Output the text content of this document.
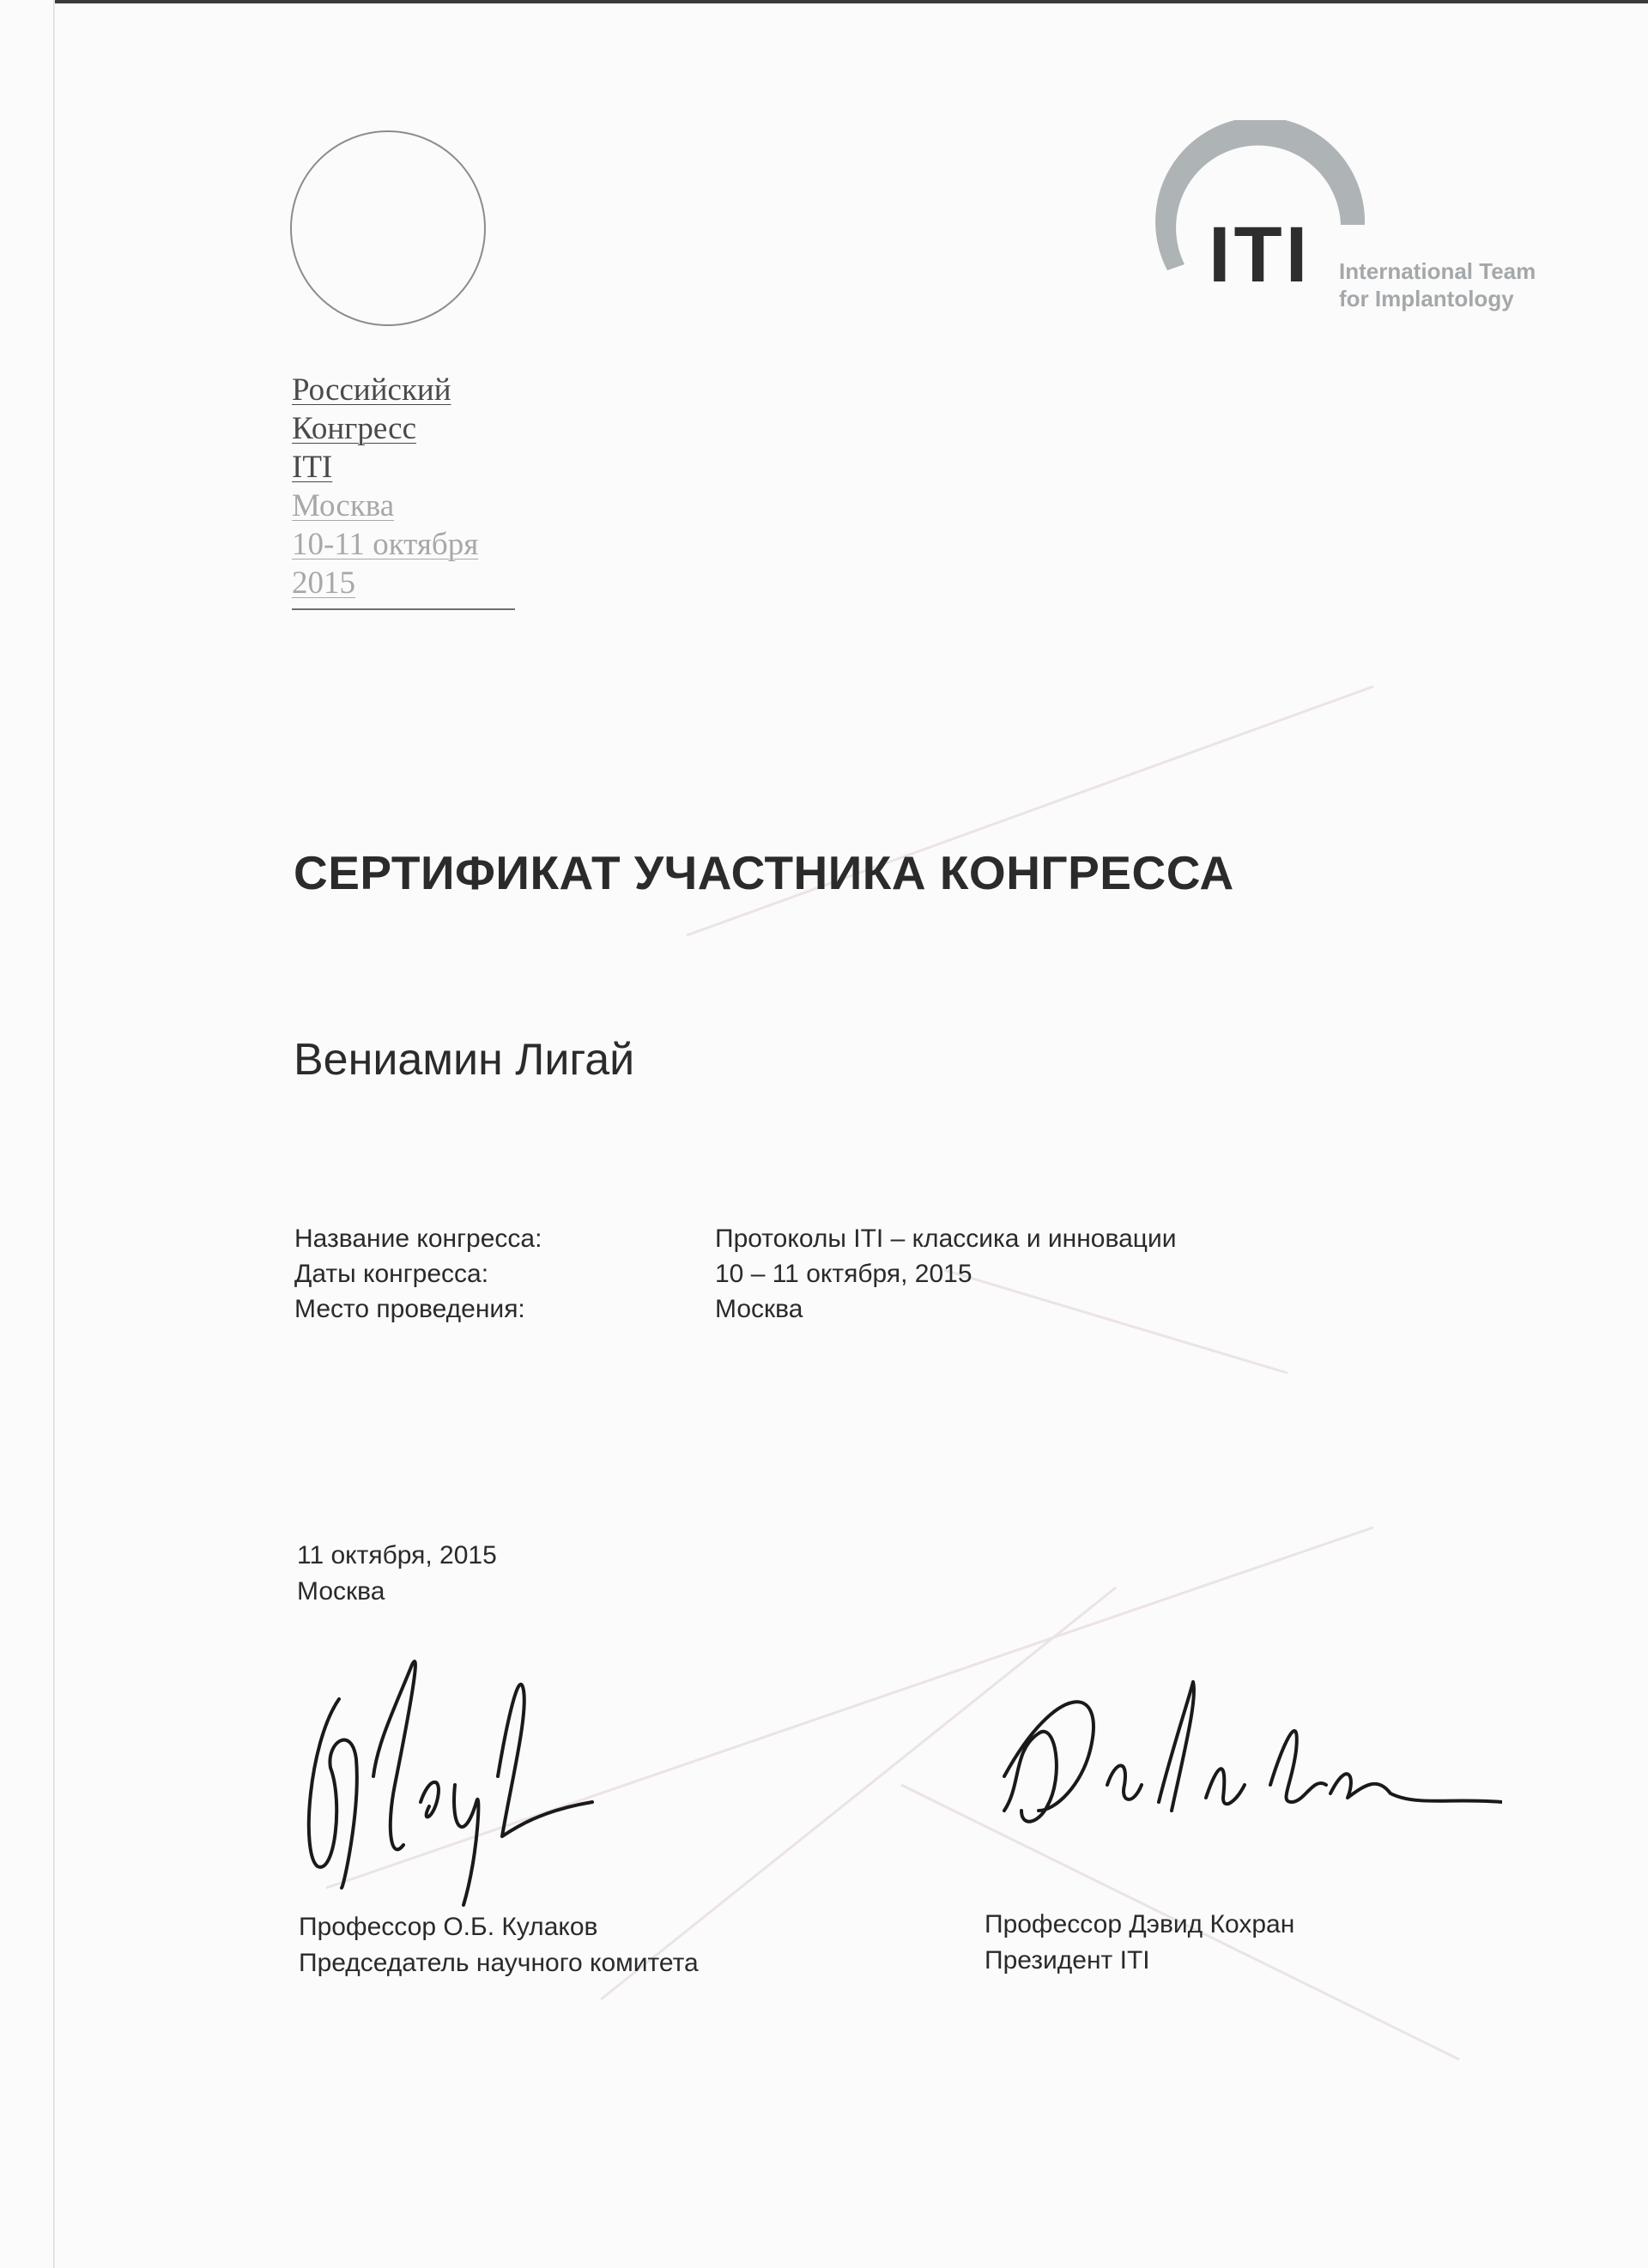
Российский
Конгресс
ITI
Москва
10-11 октября
2015
ITI International Team
for Implantology
СЕРТИФИКАТ УЧАСТНИКА КОНГРЕССА
Вениамин Лигай
Название конгресса:	Протоколы ITI – классика и инновации
Даты конгресса:	10 – 11 октября, 2015
Место проведения:	Москва
11 октября, 2015
Москва
Профессор О.Б. Кулаков
Председатель научного комитета
Профессор Дэвид Кохран
Президент ITI
